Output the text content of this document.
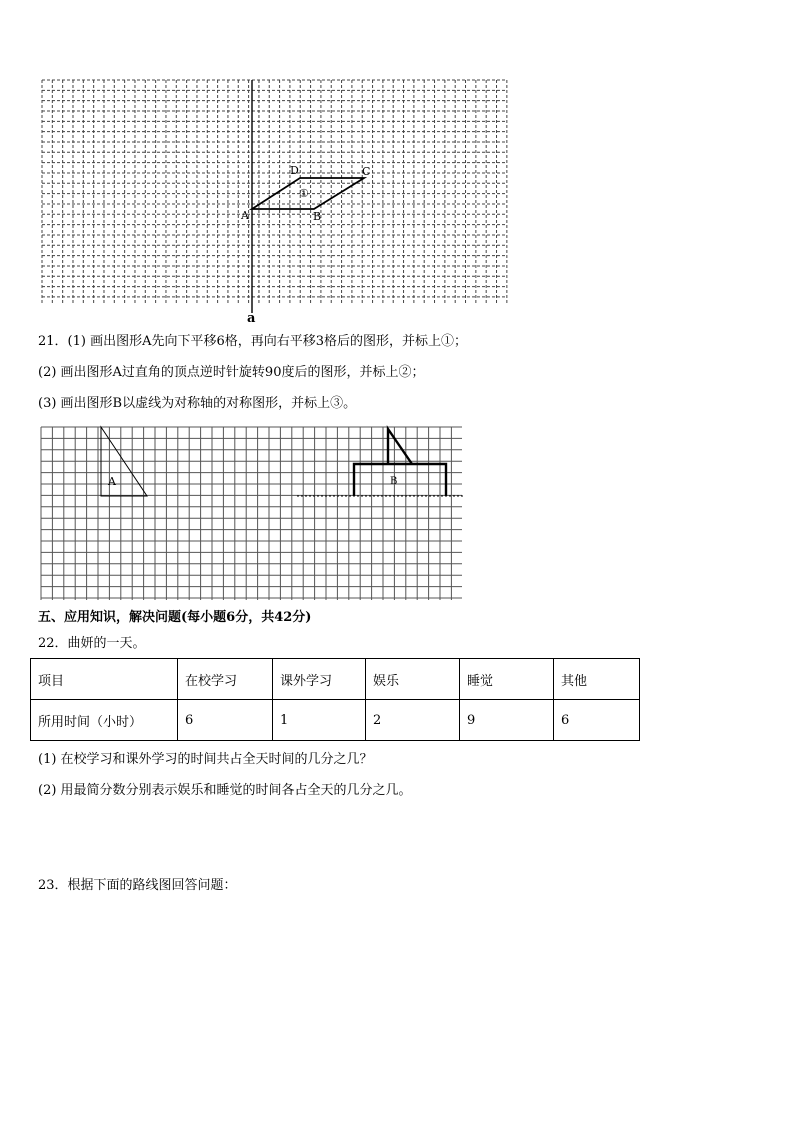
A	B
C
D
①
a
21．(1) 画出图形A先向下平移6格，再向右平移3格后的图形，并标上①；
(2) 画出图形A过直角的顶点逆时针旋转90度后的图形，并标上②；
(3) 画出图形B以虚线为对称轴的对称图形，并标上③。
A	B
五、应用知识，解决问题(每小题6分，共42分)
22．曲妍的一天。
项目	在校学习	课外学习	娱乐	睡觉	其他
所用时间（小时）	6	1	2	9	6
(1) 在校学习和课外学习的时间共占全天时间的几分之几？
(2) 用最简分数分别表示娱乐和睡觉的时间各占全天的几分之几。
23．根据下面的路线图回答问题：
